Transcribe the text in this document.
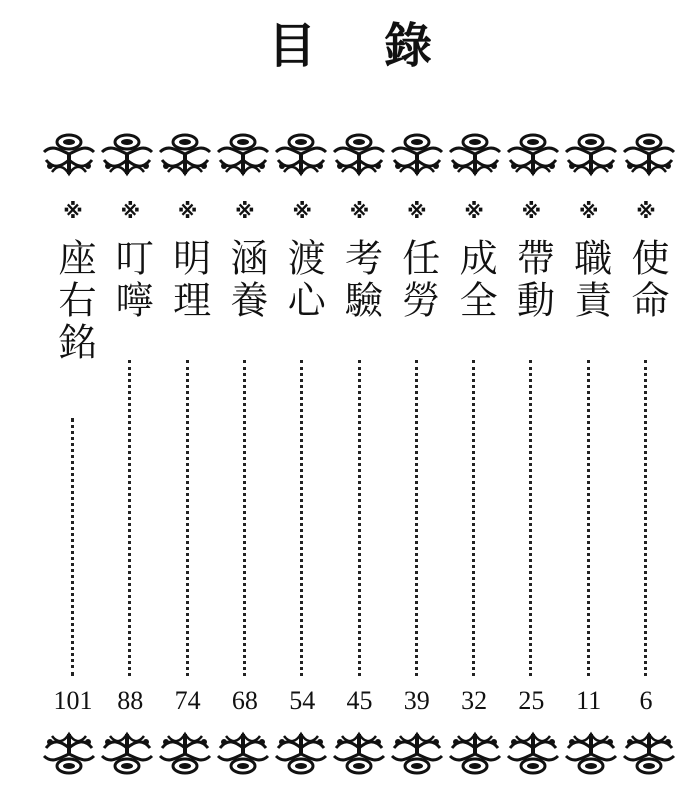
目 錄
※
使命
6
※
職責
11
※
帶動
25
※
成全
32
※
任勞
39
※
考驗
45
※
渡心
54
※
涵養
68
※
明理
74
※
叮嚀
88
※
座右銘
101
